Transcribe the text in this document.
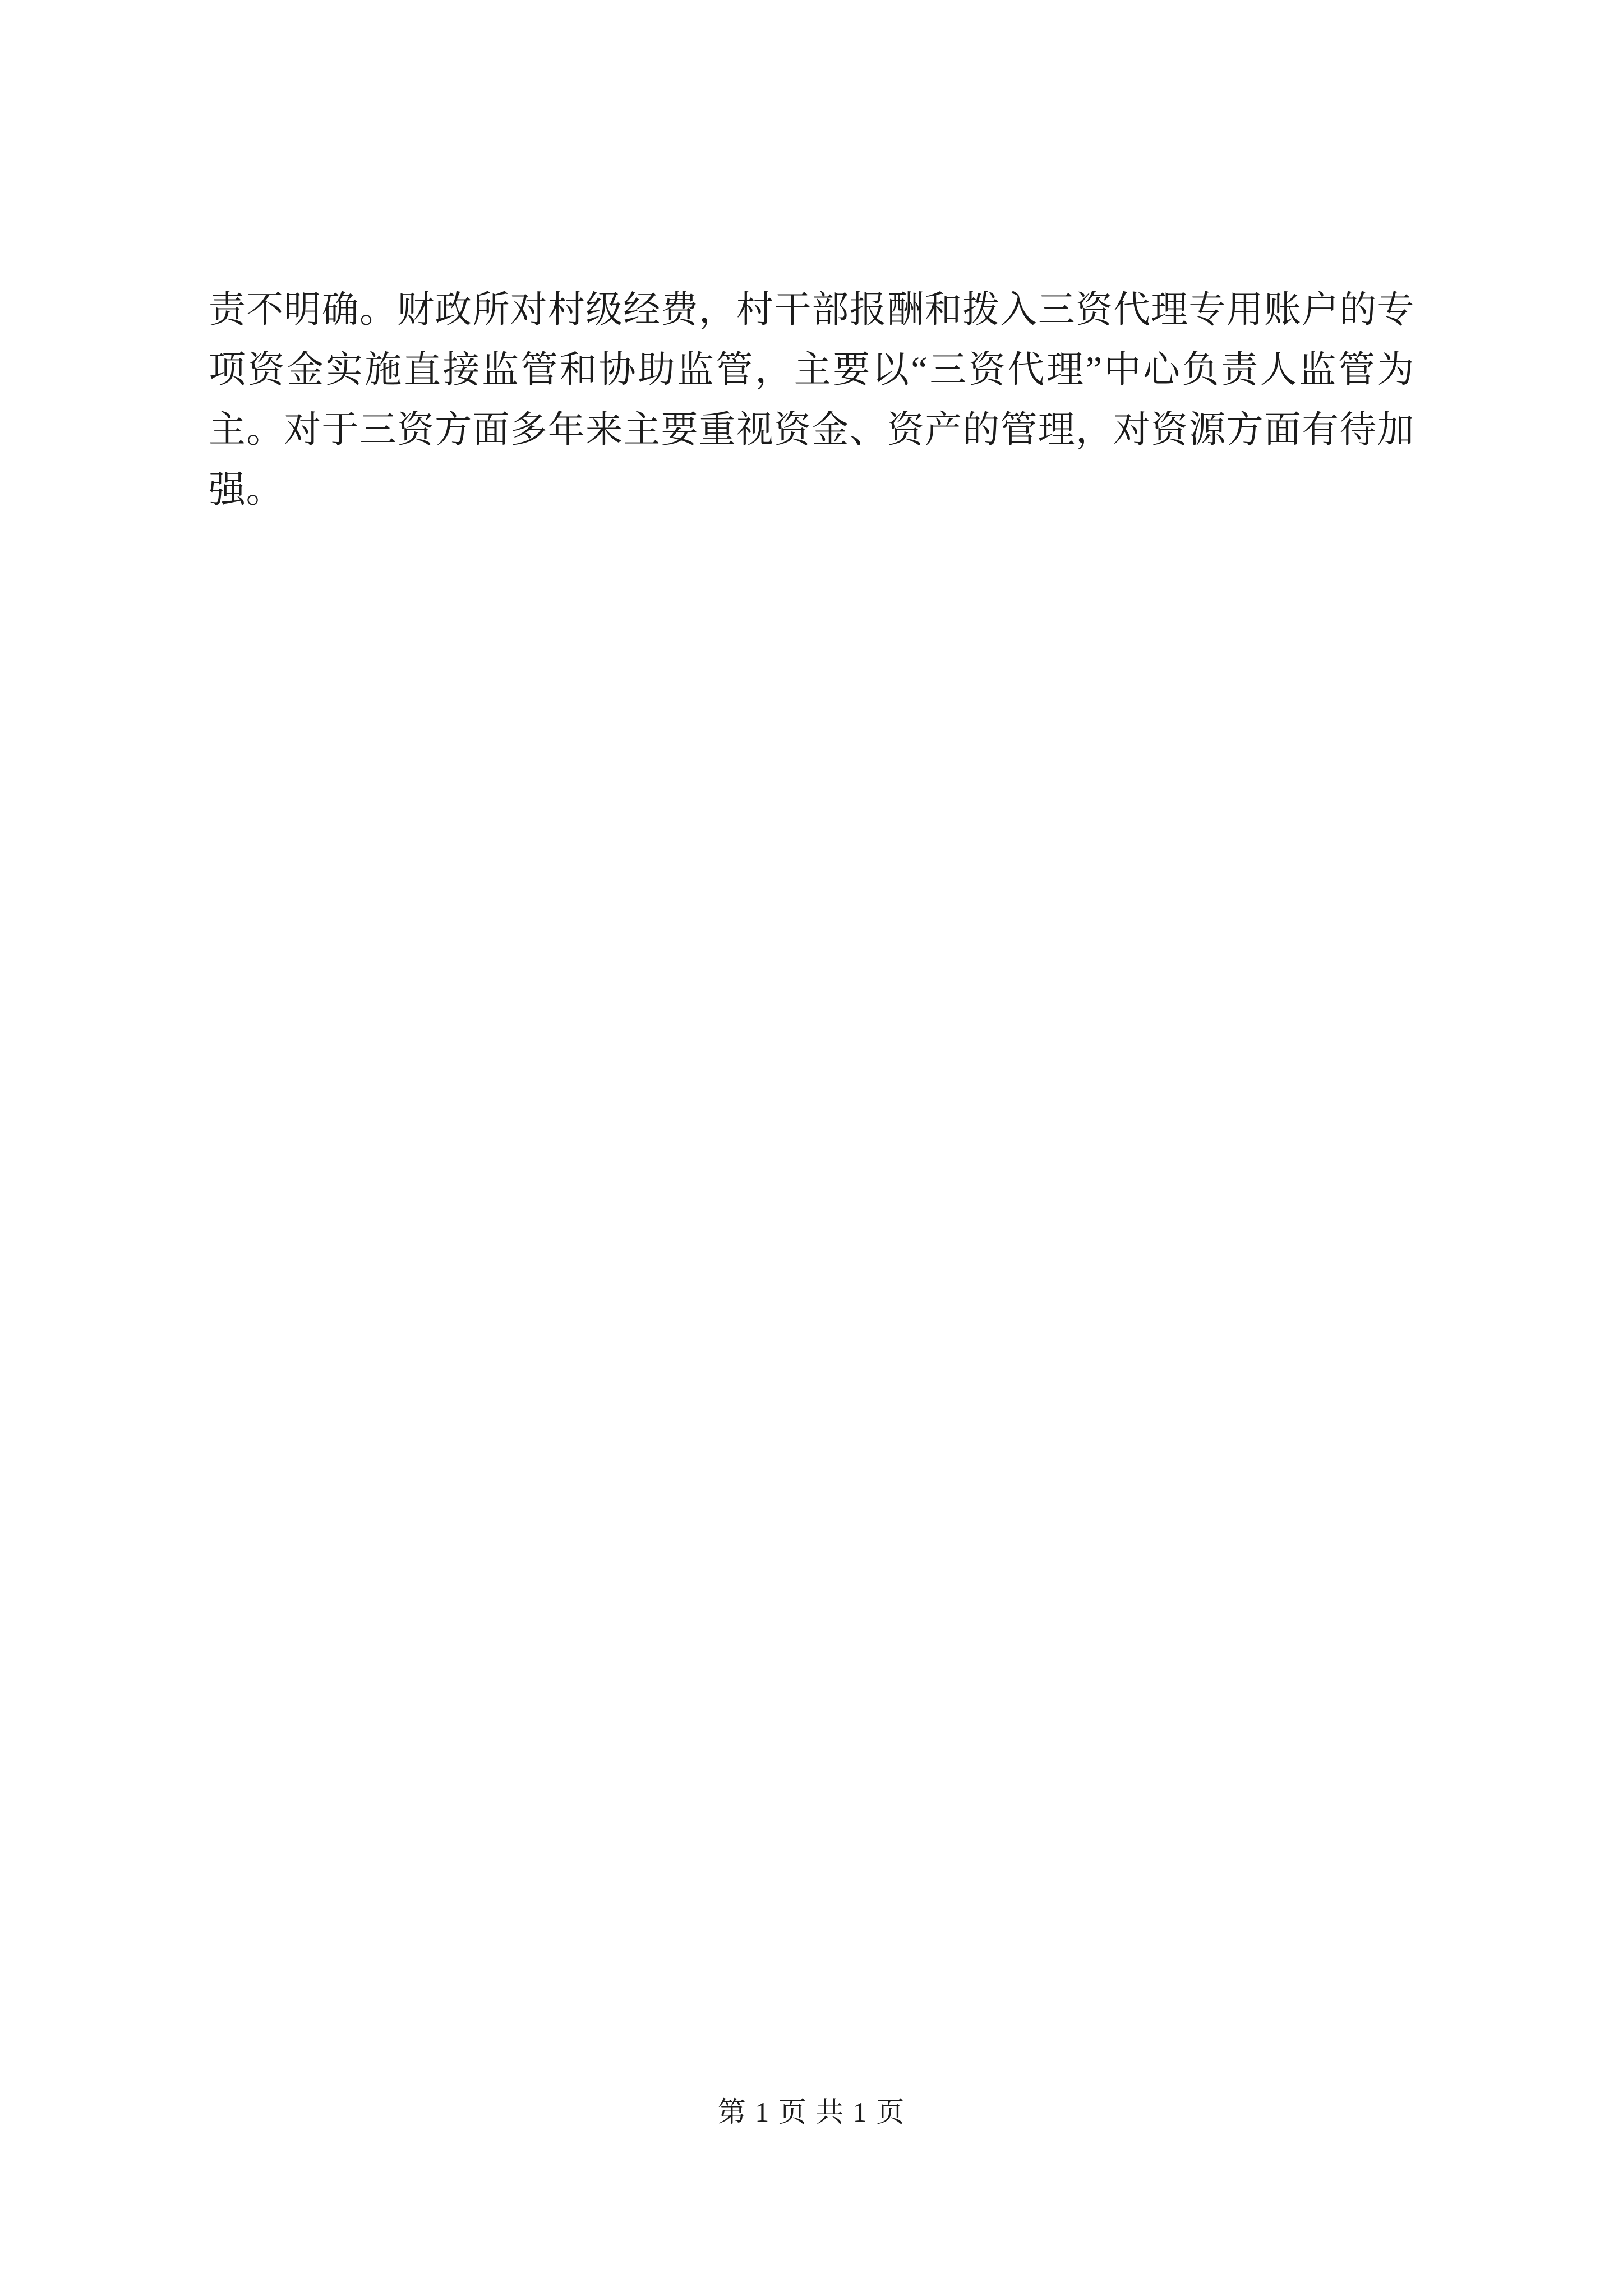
责不明确。财政所对村级经费，村干部报酬和拨入三资代理专用账户的专项资金实施直接监管和协助监管，主要以“三资代理”中心负责人监管为主。对于三资方面多年来主要重视资金、资产的管理，对资源方面有待加强。

第 1 页 共 1 页
